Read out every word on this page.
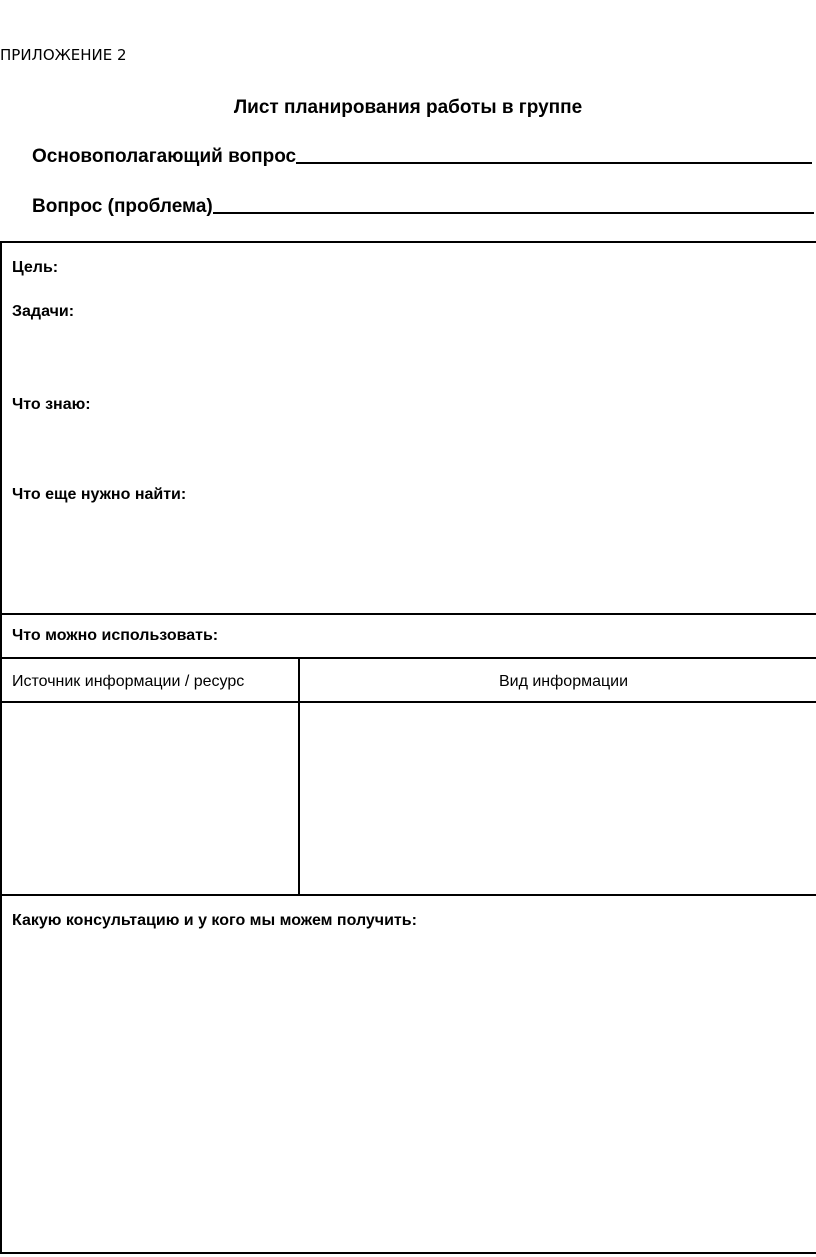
ПРИЛОЖЕНИЕ 2
Лист планирования работы в группе
Основополагающий вопрос
Вопрос (проблема)
Цель:
Задачи:
Что знаю:
Что еще нужно найти:
Что можно использовать:
Источник информации / ресурс	Вид информации
Какую консультацию и у кого мы можем получить:
